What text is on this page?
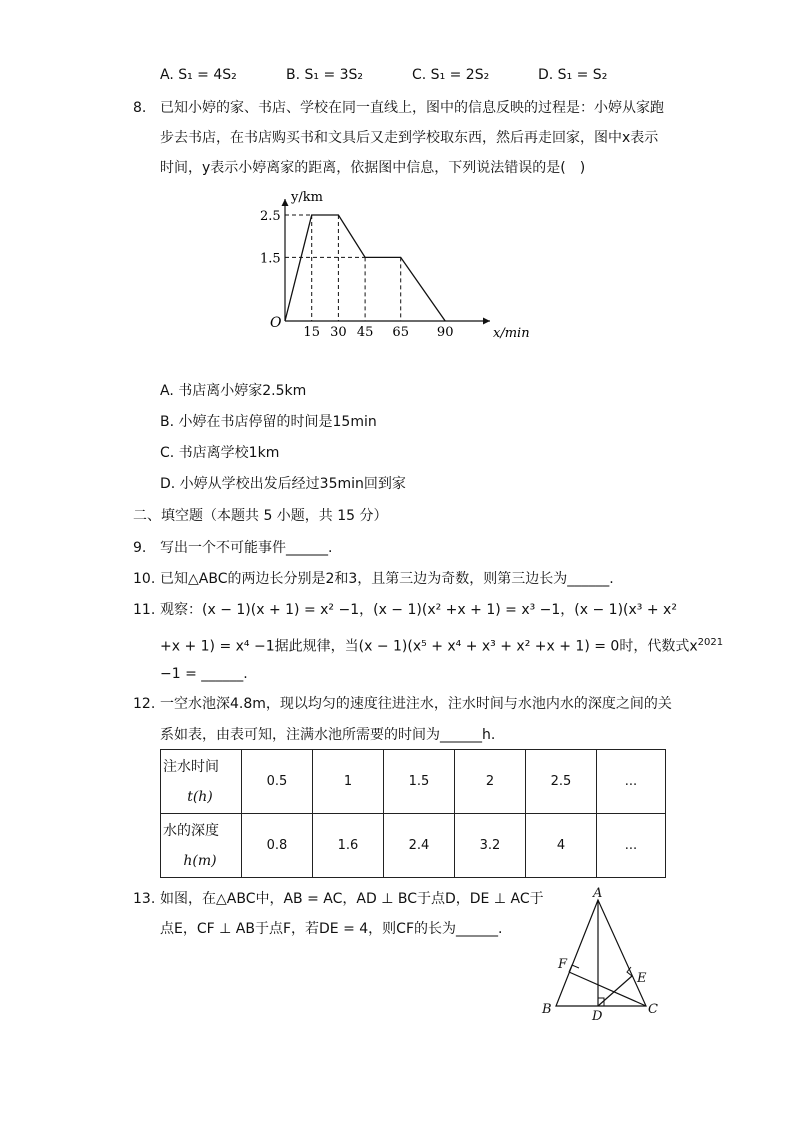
A. S₁ = 4S₂	B. S₁ = 3S₂	C. S₁ = 2S₂	D. S₁ = S₂
8. 已知小婷的家、书店、学校在同一直线上，图中的信息反映的过程是：小婷从家跑
步去书店，在书店购买书和文具后又走到学校取东西，然后再走回家，图中x表示
时间，y表示小婷离家的距离，依据图中信息，下列说法错误的是(　)
y/km
x/min
O
2.5
1.5
15 30 45 65 90
A. 书店离小婷家2.5km
B. 小婷在书店停留的时间是15min
C. 书店离学校1km
D. 小婷从学校出发后经过35min回到家
二、填空题（本题共 5 小题，共 15 分）
9. 写出一个不可能事件______.
10. 已知△ABC的两边长分别是2和3，且第三边为奇数，则第三边长为______.
11. 观察：(x − 1)(x + 1) = x² −1，(x − 1)(x² +x + 1) = x³ −1，(x − 1)(x³ + x²
+x + 1) = x⁴ −1据此规律，当(x − 1)(x⁵ + x⁴ + x³ + x² +x + 1) = 0时，代数式$x^{2021}$
−1 = ______.
12. 一空水池深4.8m，现以均匀的速度往进注水，注水时间与水池内水的深度之间的关
系如表，由表可知，注满水池所需要的时间为______h.
注水时间
t(h)	0.5	1	1.5	2	2.5	...

水的深度
h(m)	0.8	1.6	2.4	3.2	4	...
13. 如图，在△ABC中，AB = AC，AD ⊥ BC于点D，DE ⊥ AC于
点E，CF ⊥ AB于点F，若DE = 4，则CF的长为______.
A
B	C
D
E
F
